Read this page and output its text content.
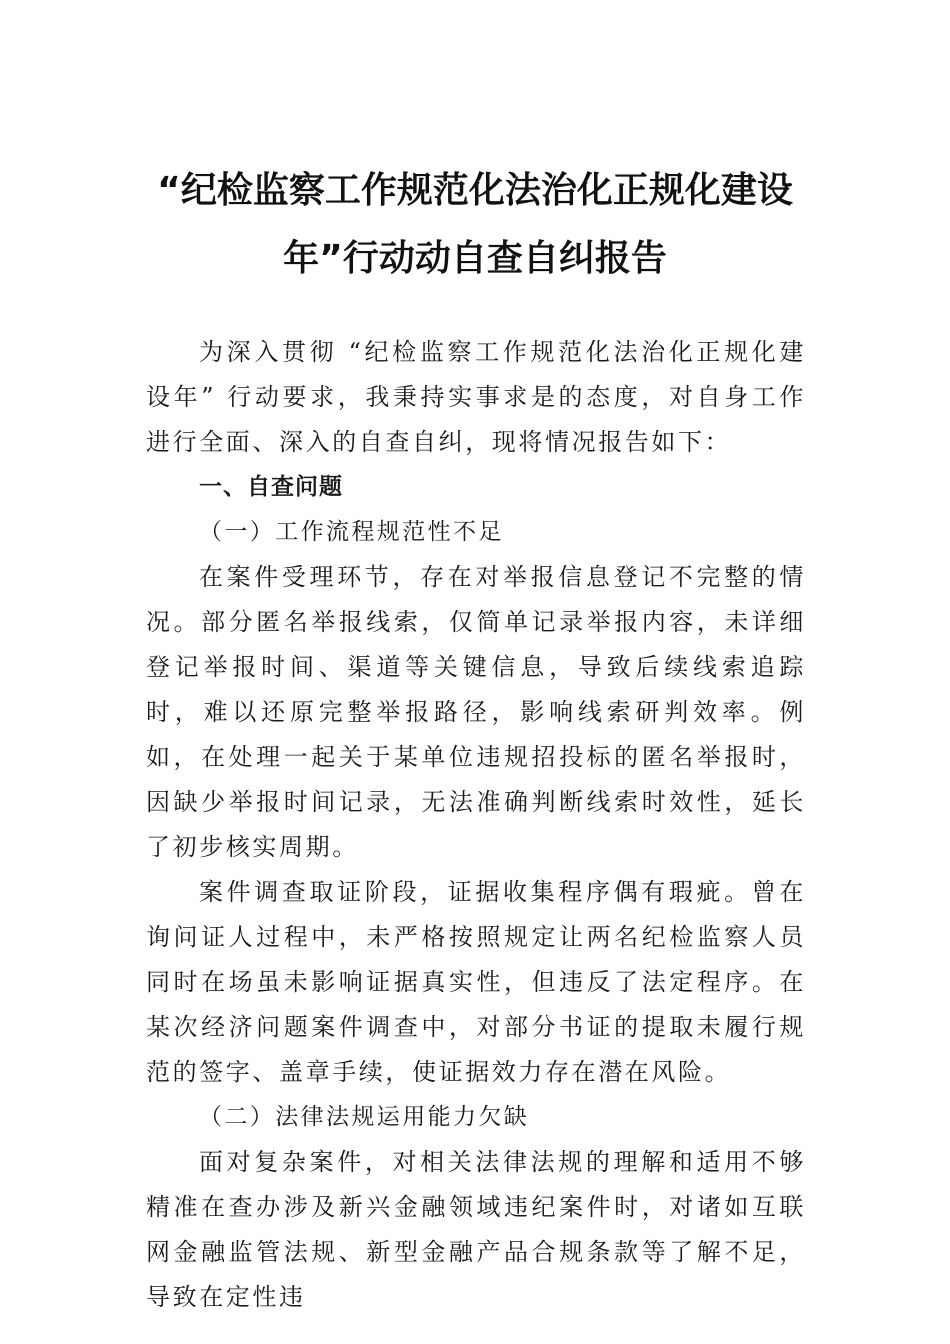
“纪检监察工作规范化法治化正规化建设
年”行动动自查自纠报告

为深入贯彻 “纪检监察工作规范化法治化正规化建设年” 行动要求，我秉持实事求是的态度，对自身工作进行全面、深入的自查自纠，现将情况报告如下：

一、自查问题

（一）工作流程规范性不足

在案件受理环节，存在对举报信息登记不完整的情况。部分匿名举报线索，仅简单记录举报内容，未详细登记举报时间、渠道等关键信息，导致后续线索追踪时，难以还原完整举报路径，影响线索研判效率。例如，在处理一起关于某单位违规招投标的匿名举报时，因缺少举报时间记录，无法准确判断线索时效性，延长了初步核实周期。

案件调查取证阶段，证据收集程序偶有瑕疵。曾在询问证人过程中，未严格按照规定让两名纪检监察人员同时在场虽未影响证据真实性，但违反了法定程序。在某次经济问题案件调查中，对部分书证的提取未履行规范的签字、盖章手续，使证据效力存在潜在风险。

（二）法律法规运用能力欠缺

面对复杂案件，对相关法律法规的理解和适用不够精准在查办涉及新兴金融领域违纪案件时，对诸如互联网金融监管法规、新型金融产品合规条款等了解不足，导致在定性违
